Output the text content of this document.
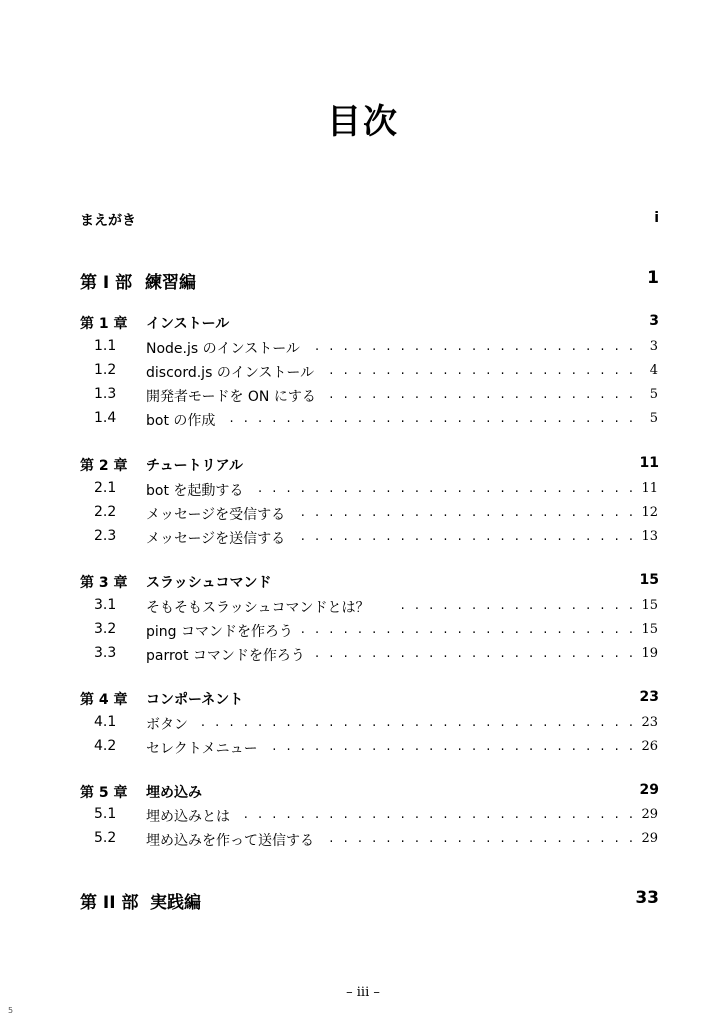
目次
まえがき	i
第 I 部 練習編	1
第 1 章 インストール	3
1.1 Node.js のインストール . . .	3
1.2 discord.js のインストール . . .	4
1.3 開発者モードを ON にする . . .	5
1.4 bot の作成 . . .	5
第 2 章 チュートリアル	11
2.1 bot を起動する . . .	11
2.2 メッセージを受信する . . .	12
2.3 メッセージを送信する . . .	13
第 3 章 スラッシュコマンド	15
3.1 そもそもスラッシュコマンドとは？ . . .	15
3.2 ping コマンドを作ろう . . .	15
3.3 parrot コマンドを作ろう . . .	19
第 4 章 コンポーネント	23
4.1 ボタン . . .	23
4.2 セレクトメニュー . . .	26
第 5 章 埋め込み	29
5.1 埋め込みとは . . .	29
5.2 埋め込みを作って送信する . . .	29
第 II 部 実践編	33
– iii –
5
